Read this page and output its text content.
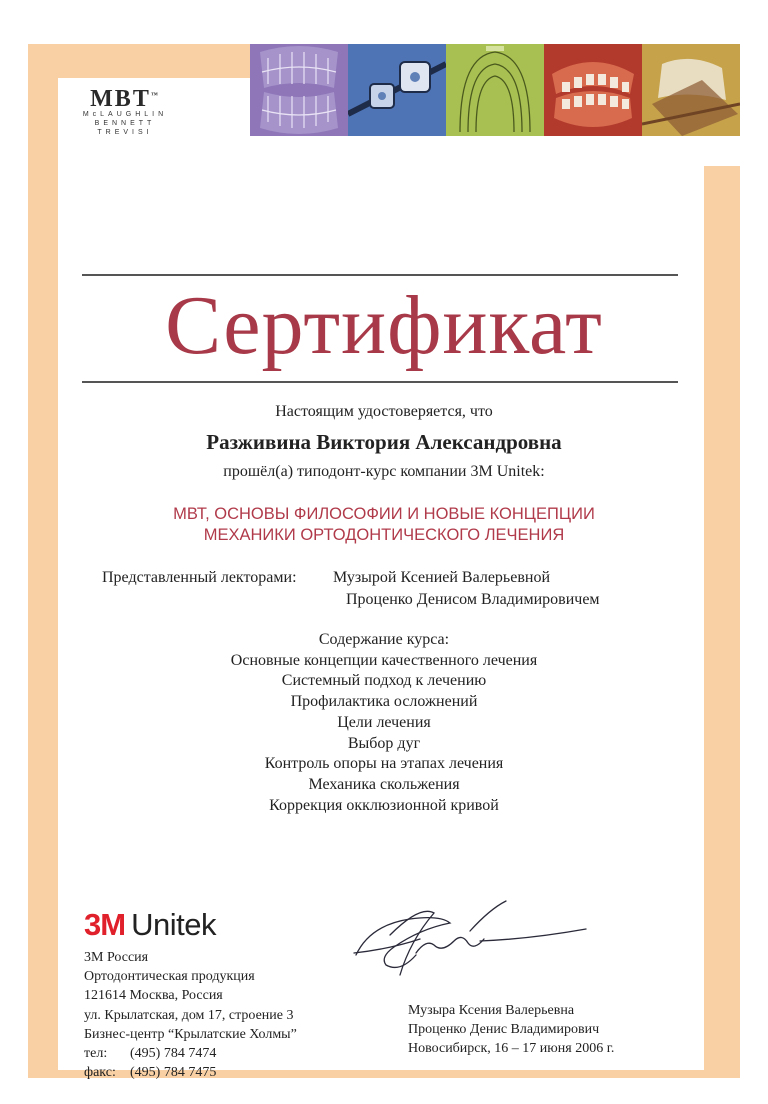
MBT™
McLAUGHLIN
BENNETT
TREVISI
Сертификат
Настоящим удостоверяется, что
Разживина Виктория Александровна
прошёл(а) типодонт-курс компании 3M Unitek:
МВТ, ОСНОВЫ ФИЛОСОФИИ И НОВЫЕ КОНЦЕПЦИИ
МЕХАНИКИ ОРТОДОНТИЧЕСКОГО ЛЕЧЕНИЯ
Представленный лекторами: Музырой Ксенией Валерьевной
Проценко Денисом Владимировичем
Содержание курса:
Основные концепции качественного лечения
Системный подход к лечению
Профилактика осложнений
Цели лечения
Выбор дуг
Контроль опоры на этапах лечения
Механика скольжения
Коррекция окклюзионной кривой
3M Unitek
3М Россия
Ортодонтическая продукция
121614 Москва, Россия
ул. Крылатская, дом 17, строение 3
Бизнес-центр “Крылатские Холмы”
тел: (495) 784 7474
факс: (495) 784 7475
Музыра Ксения Валерьевна
Проценко Денис Владимирович
Новосибирск, 16 – 17 июня 2006 г.
